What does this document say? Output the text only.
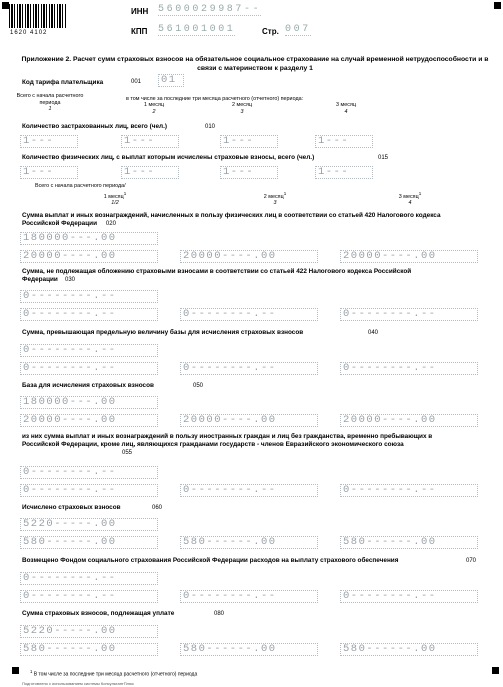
1620 4102
ИНН 5600029987--
КПП 561001001	Стр. 007
Приложение 2. Расчет сумм страховых взносов на обязательное социальное страхование на случай временной нетрудоспособности и в связи с материнством к разделу 1
Код тарифа плательщика	001 01
Всего с начала расчетного периода
1
в том числе за последние три месяца расчетного (отчетного) периода:
1 месяц
2
2 месяц
3
3 месяц
4
Количество застрахованных лиц, всего (чел.)	010
1---	1---	1---	1---
Количество физических лиц, с выплат которым исчислены страховые взносы, всего (чел.)	015
1---	1---	1---	1---
Всего с начала расчетного периода/
1 месяц$^1$
1/2
2 месяц$^1$
3
3 месяц$^1$
4
Сумма выплат и иных вознаграждений, начисленных в пользу физических лиц в соответствии со статьей 420 Налогового кодекса Российской Федерации 020
180000---.00
20000----.00	20000----.00	20000----.00
Сумма, не подлежащая обложению страховыми взносами в соответствии со статьей 422 Налогового кодекса Российской Федерации 030
0--------.--
0--------.--	0--------.--	0--------.--
Сумма, превышающая предельную величину базы для исчисления страховых взносов	040
0--------.--
0--------.--	0--------.--	0--------.--
База для исчисления страховых взносов	050
180000---.00
20000----.00	20000----.00	20000----.00
из них сумма выплат и иных вознаграждений в пользу иностранных граждан и лиц без гражданства, временно пребывающих в Российской Федерации, кроме лиц, являющихся гражданами государств - членов Евразийского экономического союза
055
0--------.--
0--------.--	0--------.--	0--------.--
Исчислено страховых взносов	060
5220-----.00
580------.00	580------.00	580------.00
Возмещено Фондом социального страхования Российской Федерации расходов на выплату страхового обеспечения	070
0--------.--
0--------.--	0--------.--	0--------.--
Сумма страховых взносов, подлежащая уплате	080
5220-----.00
580------.00	580------.00	580------.00
$^1$ В том числе за последние три месяца расчетного (отчетного) периода
Подготовлено с использованием системы КонсультантПлюс
